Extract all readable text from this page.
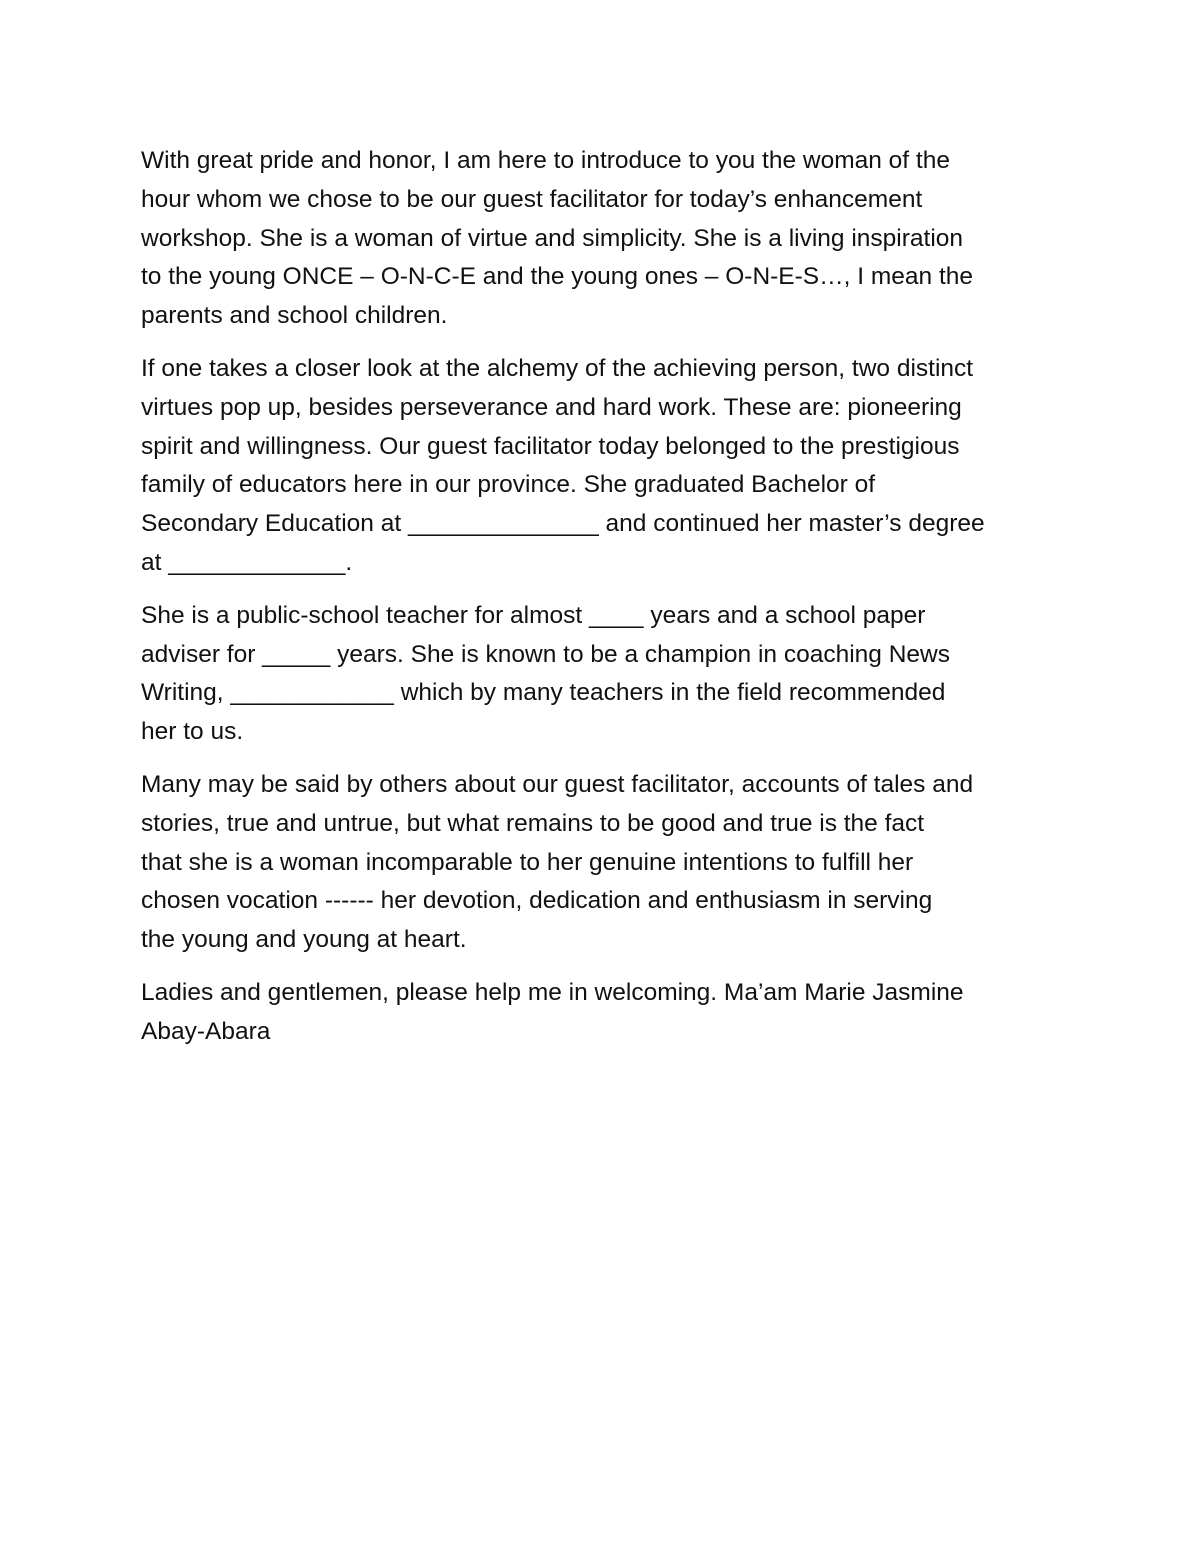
With great pride and honor, I am here to introduce to you the woman of the
hour whom we chose to be our guest facilitator for today’s enhancement
workshop. She is a woman of virtue and simplicity. She is a living inspiration
to the young ONCE – O-N-C-E and the young ones – O-N-E-S…, I mean the
parents and school children.

If one takes a closer look at the alchemy of the achieving person, two distinct
virtues pop up, besides perseverance and hard work. These are: pioneering
spirit and willingness. Our guest facilitator today belonged to the prestigious
family of educators here in our province. She graduated Bachelor of
Secondary Education at ______________ and continued her master’s degree
at _____________.

She is a public-school teacher for almost ____ years and a school paper
adviser for _____ years. She is known to be a champion in coaching News
Writing, ____________ which by many teachers in the field recommended
her to us.

Many may be said by others about our guest facilitator, accounts of tales and
stories, true and untrue, but what remains to be good and true is the fact
that she is a woman incomparable to her genuine intentions to fulfill her
chosen vocation ------ her devotion, dedication and enthusiasm in serving
the young and young at heart.

Ladies and gentlemen, please help me in welcoming. Ma’am Marie Jasmine
Abay-Abara
